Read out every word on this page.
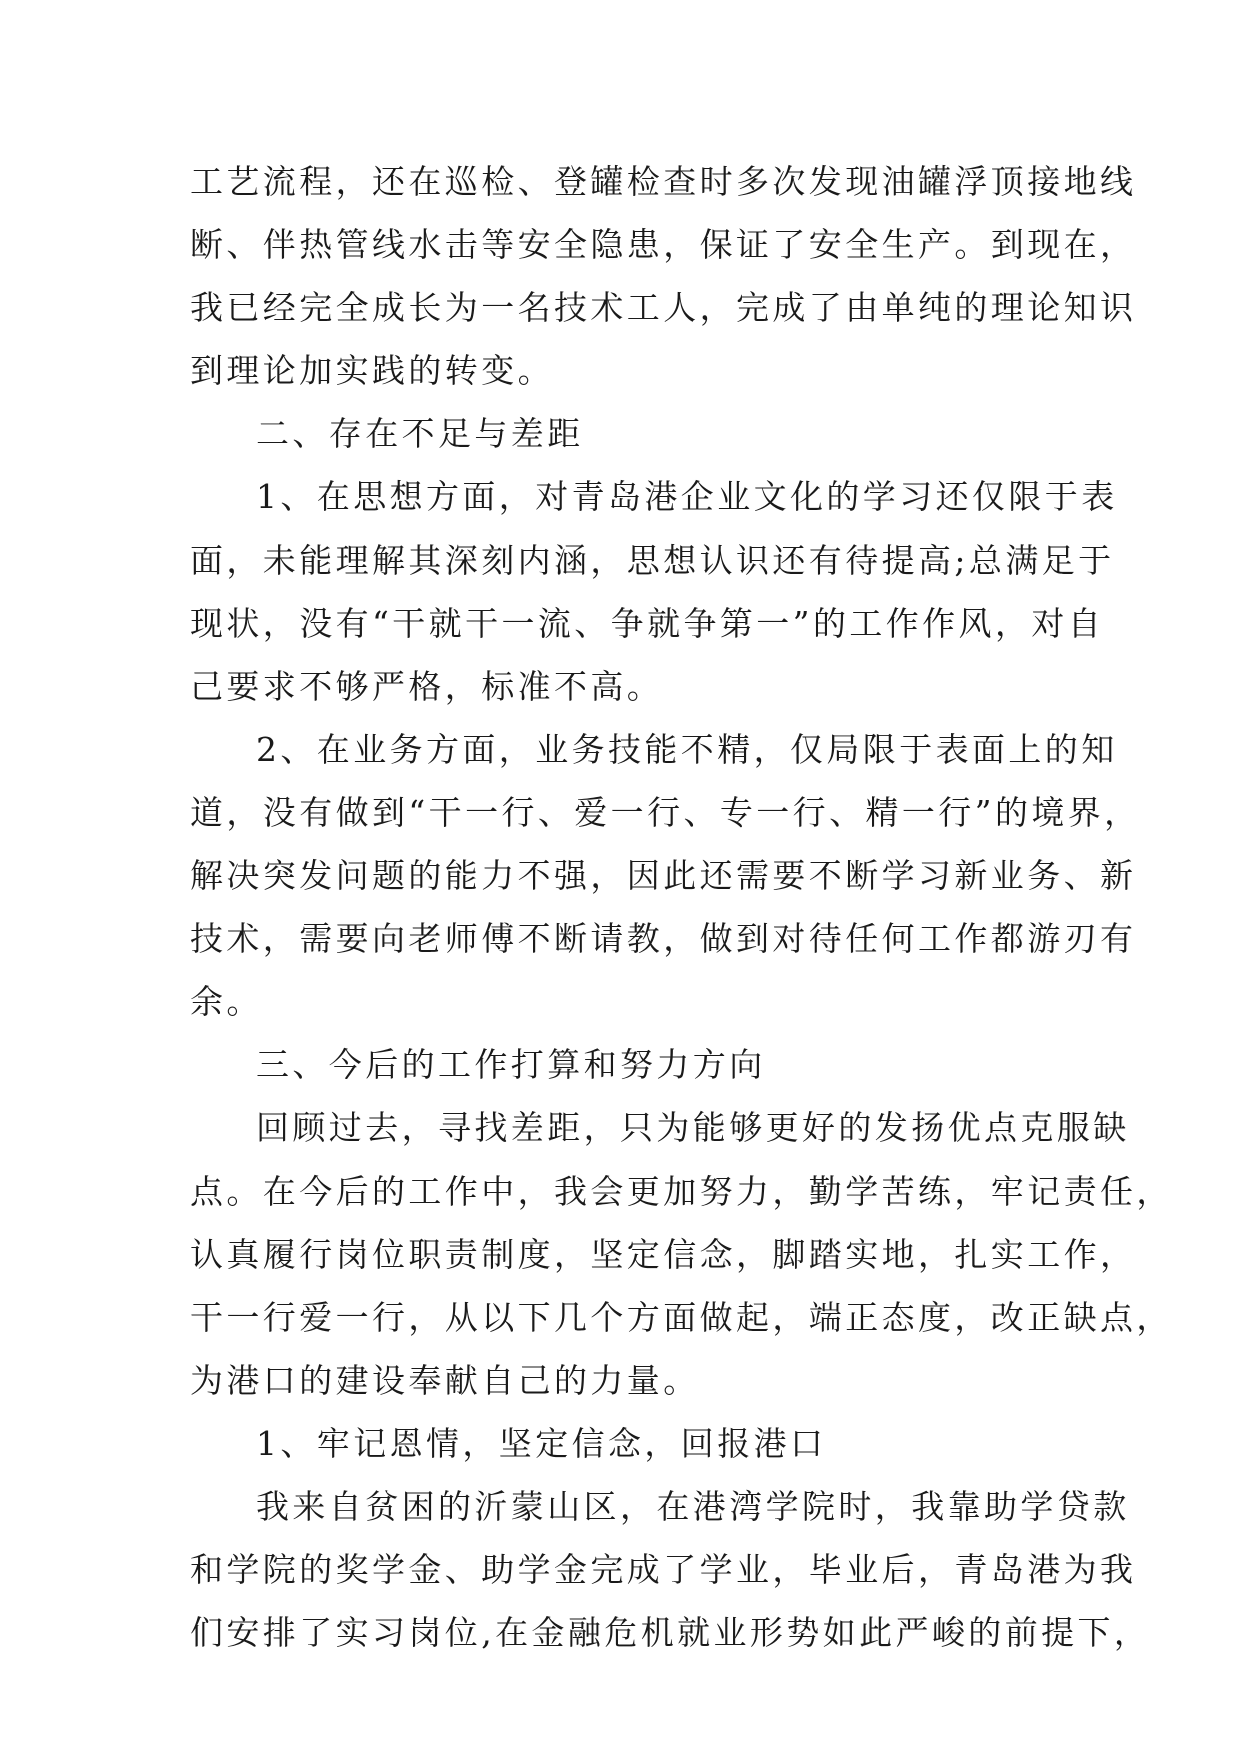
工艺流程，还在巡检、登罐检查时多次发现油罐浮顶接地线
断、伴热管线水击等安全隐患，保证了安全生产。到现在，
我已经完全成长为一名技术工人，完成了由单纯的理论知识
到理论加实践的转变。
二、存在不足与差距
1、在思想方面，对青岛港企业文化的学习还仅限于表
面，未能理解其深刻内涵，思想认识还有待提高;总满足于
现状，没有“干就干一流、争就争第一”的工作作风，对自
己要求不够严格，标准不高。
2、在业务方面，业务技能不精，仅局限于表面上的知
道，没有做到“干一行、爱一行、专一行、精一行”的境界，
解决突发问题的能力不强，因此还需要不断学习新业务、新
技术，需要向老师傅不断请教，做到对待任何工作都游刃有
余。
三、今后的工作打算和努力方向
回顾过去，寻找差距，只为能够更好的发扬优点克服缺
点。在今后的工作中，我会更加努力，勤学苦练，牢记责任，
认真履行岗位职责制度，坚定信念，脚踏实地，扎实工作，
干一行爱一行，从以下几个方面做起，端正态度，改正缺点，
为港口的建设奉献自己的力量。
1、牢记恩情，坚定信念，回报港口
我来自贫困的沂蒙山区，在港湾学院时，我靠助学贷款
和学院的奖学金、助学金完成了学业，毕业后，青岛港为我
们安排了实习岗位,在金融危机就业形势如此严峻的前提下，
